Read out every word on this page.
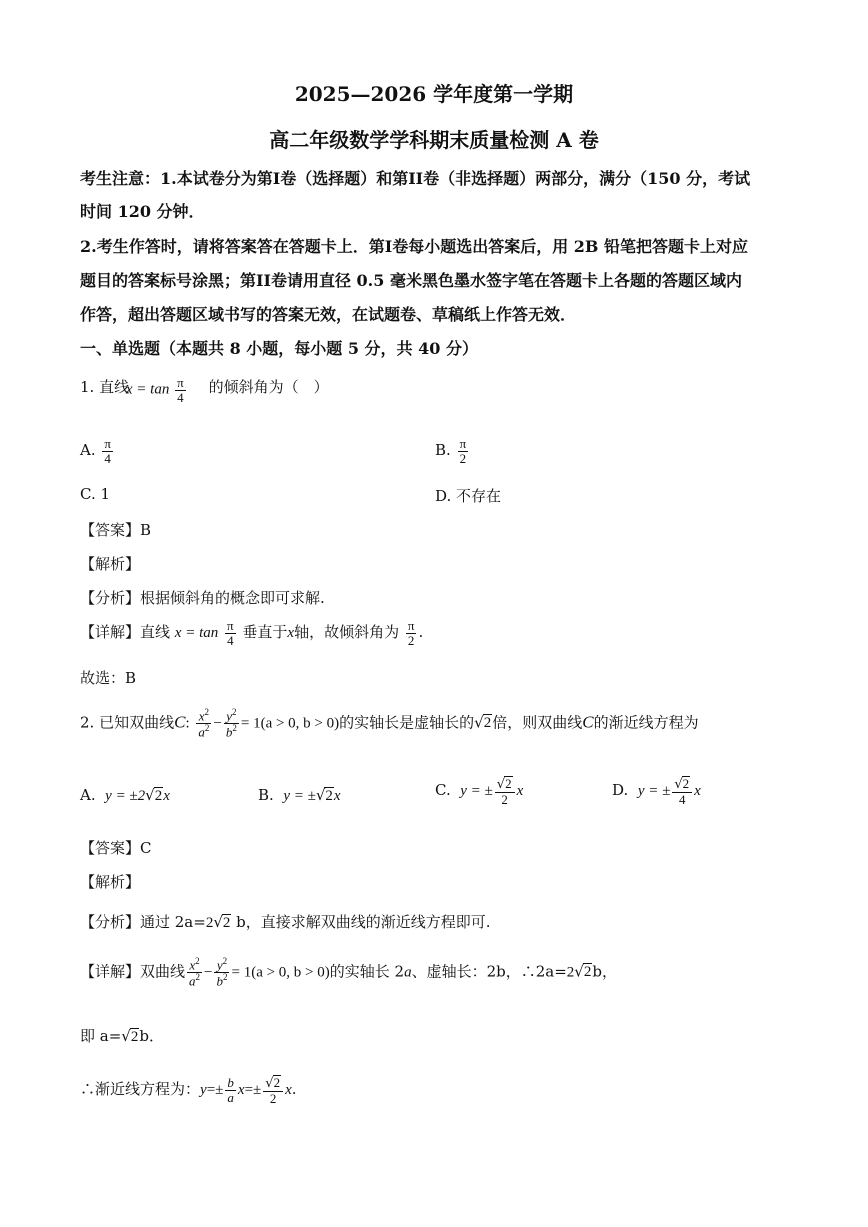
2025—2026 学年度第一学期
高二年级数学学科期末质量检测 A 卷
考生注意：1.本试卷分为第I卷（选择题）和第II卷（非选择题）两部分，满分（150 分，考试
时间 120 分钟．
2.考生作答时，请将答案答在答题卡上．第I卷每小题选出答案后，用 2B 铅笔把答题卡上对应
题目的答案标号涂黑；第II卷请用直径 0.5 毫米黑色墨水签字笔在答题卡上各题的答题区域内
作答，超出答题区域书写的答案无效，在试题卷、草稿纸上作答无效．
一、单选题（本题共 8 小题，每小题 5 分，共 40 分）
1. 直线
$x = \tan \frac{\pi}{4}$ 的倾斜角为（　）
A. $\frac{\pi}{4}$	B. $\frac{\pi}{2}$
C. 1	D. 不存在
【答案】B
【解析】
【分析】根据倾斜角的概念即可求解.
【详解】直线 $x = \tan \frac{\pi}{4}$ 垂直于x轴，故倾斜角为 $\frac{\pi}{2}$ .
故选：B
2. 已知双曲线C: $\frac{x^2}{a^2} - \frac{y^2}{b^2} = 1(a > 0$, b > 0)的实轴长是虚轴长的√2倍，则双曲线C的渐近线方程为
A. y = ±2√2x	B. y = ±√2x	C. y = ± $\frac{√2}{2}$ x	D. y = ± $\frac{√2}{4}$ x
【答案】C
【解析】
【分析】通过 2a=2√2 b，直接求解双曲线的渐近线方程即可.
【详解】双曲线 $\frac{x^2}{a^2} - \frac{y^2}{b^2} = 1(a > 0$, b > 0)的实轴长 2a、虚轴长：2b，∴2a=2√2b，
即 a=√2b．
∴渐近线方程为：$y=\pm \frac{b}{a} x=\pm \frac{√2}{2} x$.
